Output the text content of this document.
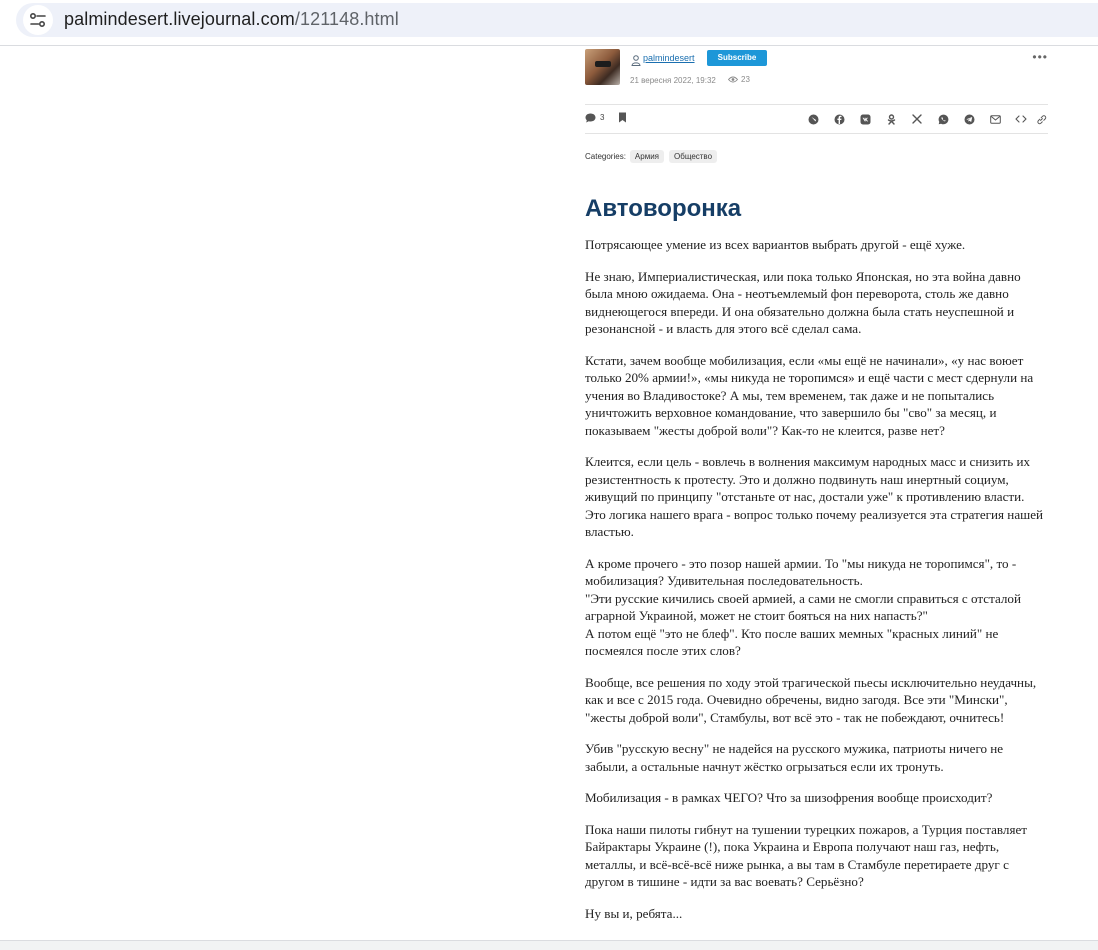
palmindesert.livejournal.com/121148.html
palmindesert	Subscribe	•••
21 вересня 2022, 19:32	23
3
Categories:	Армия	Общество
Автоворонка

Потрясающее умение из всех вариантов выбрать другой - ещё хуже.

Не знаю, Империалистическая, или пока только Японская, но эта война давно была мною ожидаема. Она - неотъемлемый фон переворота, столь же давно виднеющегося впереди. И она обязательно должна была стать неуспешной и резонансной - и власть для этого всё сделал сама.

Кстати, зачем вообще мобилизация, если «мы ещё не начинали», «у нас воюет только 20% армии!», «мы никуда не торопимся» и ещё части с мест сдернули на учения во Владивостоке? А мы, тем временем, так даже и не попытались уничтожить верховное командование, что завершило бы "сво" за месяц, и показываем "жесты доброй воли"? Как-то не клеится, разве нет?

Клеится, если цель - вовлечь в волнения максимум народных масс и снизить их резистентность к протесту. Это и должно подвинуть наш инертный социум, живущий по принципу "отстаньте от нас, достали уже" к противлению власти. Это логика нашего врага - вопрос только почему реализуется эта стратегия нашей властью.

А кроме прочего - это позор нашей армии. То "мы никуда не торопимся", то - мобилизация? Удивительная последовательность.
"Эти русские кичились своей армией, а сами не смогли справиться с отсталой аграрной Украиной, может не стоит бояться на них напасть?"
А потом ещё "это не блеф". Кто после ваших мемных "красных линий" не посмеялся после этих слов?

Вообще, все решения по ходу этой трагической пьесы исключительно неудачны, как и все с 2015 года. Очевидно обречены, видно загодя. Все эти "Мински", "жесты доброй воли", Стамбулы, вот всё это - так не побеждают, очнитесь!

Убив "русскую весну" не надейся на русского мужика, патриоты ничего не забыли, а остальные начнут жёстко огрызаться если их тронуть.

Мобилизация - в рамках ЧЕГО? Что за шизофрения вообще происходит?

Пока наши пилоты гибнут на тушении турецких пожаров, а Турция поставляет Байрактары Украине (!), пока Украина и Европа получают наш газ, нефть, металлы, и всё-всё-всё ниже рынка, а вы там в Стамбуле перетираете друг с другом в тишине - идти за вас воевать? Серьёзно?

Ну вы и, ребята...
